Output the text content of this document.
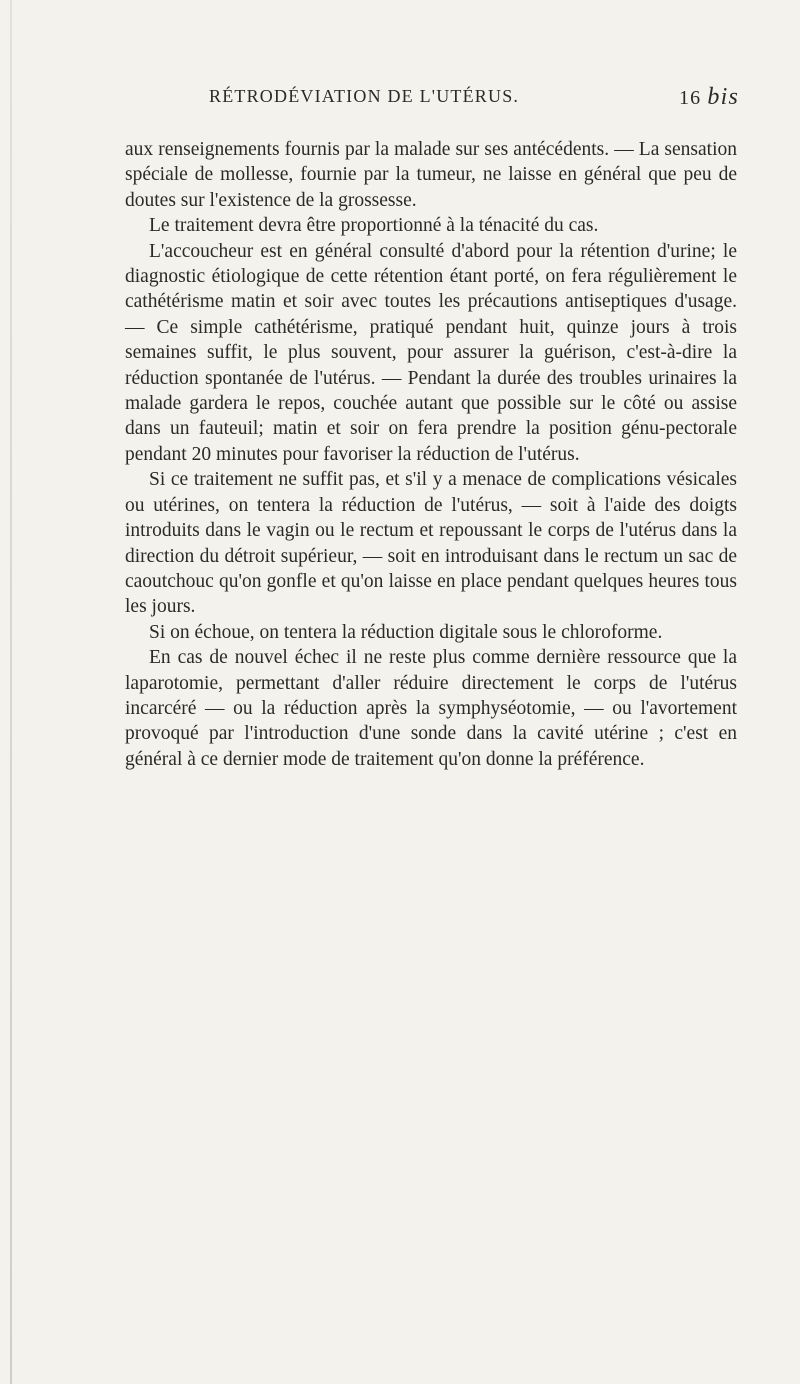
RÉTRODÉVIATION DE L'UTÉRUS.	16 bis

aux renseignements fournis par la malade sur ses antécédents. — La sensation spéciale de mollesse, fournie par la tumeur, ne laisse en général que peu de doutes sur l'existence de la grossesse.

Le traitement devra être proportionné à la ténacité du cas.

L'accoucheur est en général consulté d'abord pour la rétention d'urine; le diagnostic étiologique de cette rétention étant porté, on fera régulièrement le cathétérisme matin et soir avec toutes les précautions antiseptiques d'usage. — Ce simple cathétérisme, pratiqué pendant huit, quinze jours à trois semaines suffit, le plus souvent, pour assurer la guérison, c'est-à-dire la réduction spontanée de l'utérus. — Pendant la durée des troubles urinaires la malade gardera le repos, couchée autant que possible sur le côté ou assise dans un fauteuil; matin et soir on fera prendre la position génu-pectorale pendant 20 minutes pour favoriser la réduction de l'utérus.

Si ce traitement ne suffit pas, et s'il y a menace de complications vésicales ou utérines, on tentera la réduction de l'utérus, — soit à l'aide des doigts introduits dans le vagin ou le rectum et repoussant le corps de l'utérus dans la direction du détroit supérieur, — soit en introduisant dans le rectum un sac de caoutchouc qu'on gonfle et qu'on laisse en place pendant quelques heures tous les jours.

Si on échoue, on tentera la réduction digitale sous le chloroforme.

En cas de nouvel échec il ne reste plus comme dernière ressource que la laparotomie, permettant d'aller réduire directement le corps de l'utérus incarcéré — ou la réduction après la symphyséotomie, — ou l'avortement provoqué par l'introduction d'une sonde dans la cavité utérine ; c'est en général à ce dernier mode de traitement qu'on donne la préférence.
